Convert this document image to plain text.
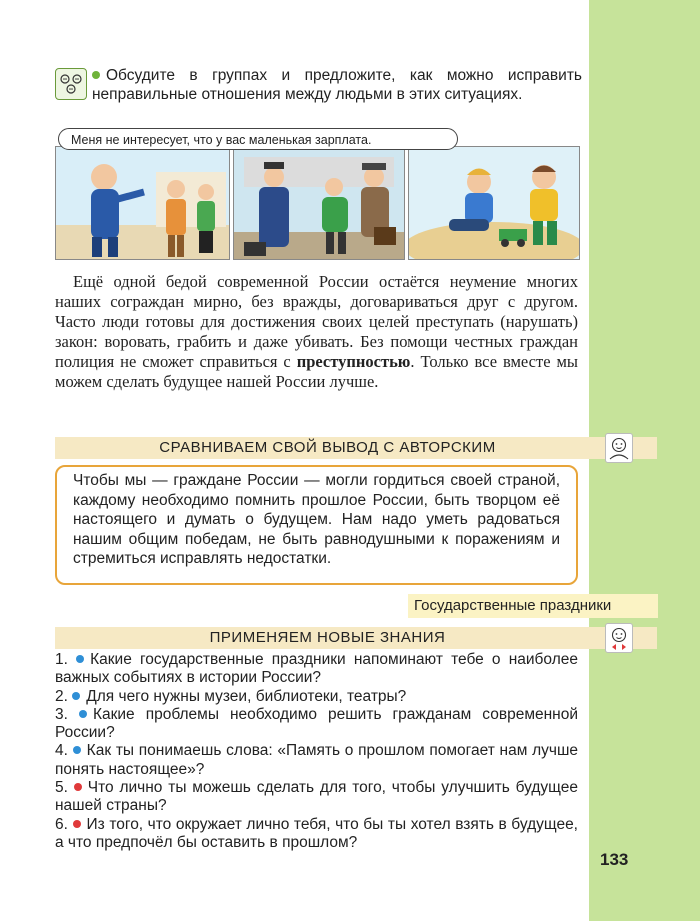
Обсудите в группах и предложите, как можно исправить неправильные отношения между людьми в этих ситуациях.
Меня не интересует, что у вас маленькая зарплата.
Ещё одной бедой современной России остаётся неумение многих наших сограждан мирно, без вражды, договариваться друг с другом. Часто люди готовы для достижения своих целей преступать (нарушать) закон: воровать, грабить и даже убивать. Без помощи честных граждан полиция не сможет справиться с преступностью. Только все вместе мы можем сделать будущее нашей России лучше.
СРАВНИВАЕМ СВОЙ ВЫВОД С АВТОРСКИМ
Чтобы мы — граждане России — могли гордиться своей страной, каждому необходимо помнить прошлое России, быть творцом её настоящего и думать о будущем. Нам надо уметь радоваться нашим общим победам, не быть равнодушными к поражениям и стремиться исправлять недостатки.
Государственные праздники
ПРИМЕНЯЕМ НОВЫЕ ЗНАНИЯ

1. Какие государственные праздники напоминают тебе о наиболее важных событиях в истории России?

2. Для чего нужны музеи, библиотеки, театры?

3. Какие проблемы необходимо решить гражданам современной России?

4. Как ты понимаешь слова: «Память о прошлом помогает нам лучше понять настоящее»?

5. Что лично ты можешь сделать для того, чтобы улучшить будущее нашей страны?

6. Из того, что окружает лично тебя, что бы ты хотел взять в будущее, а что предпочёл бы оставить в прошлом?

133
